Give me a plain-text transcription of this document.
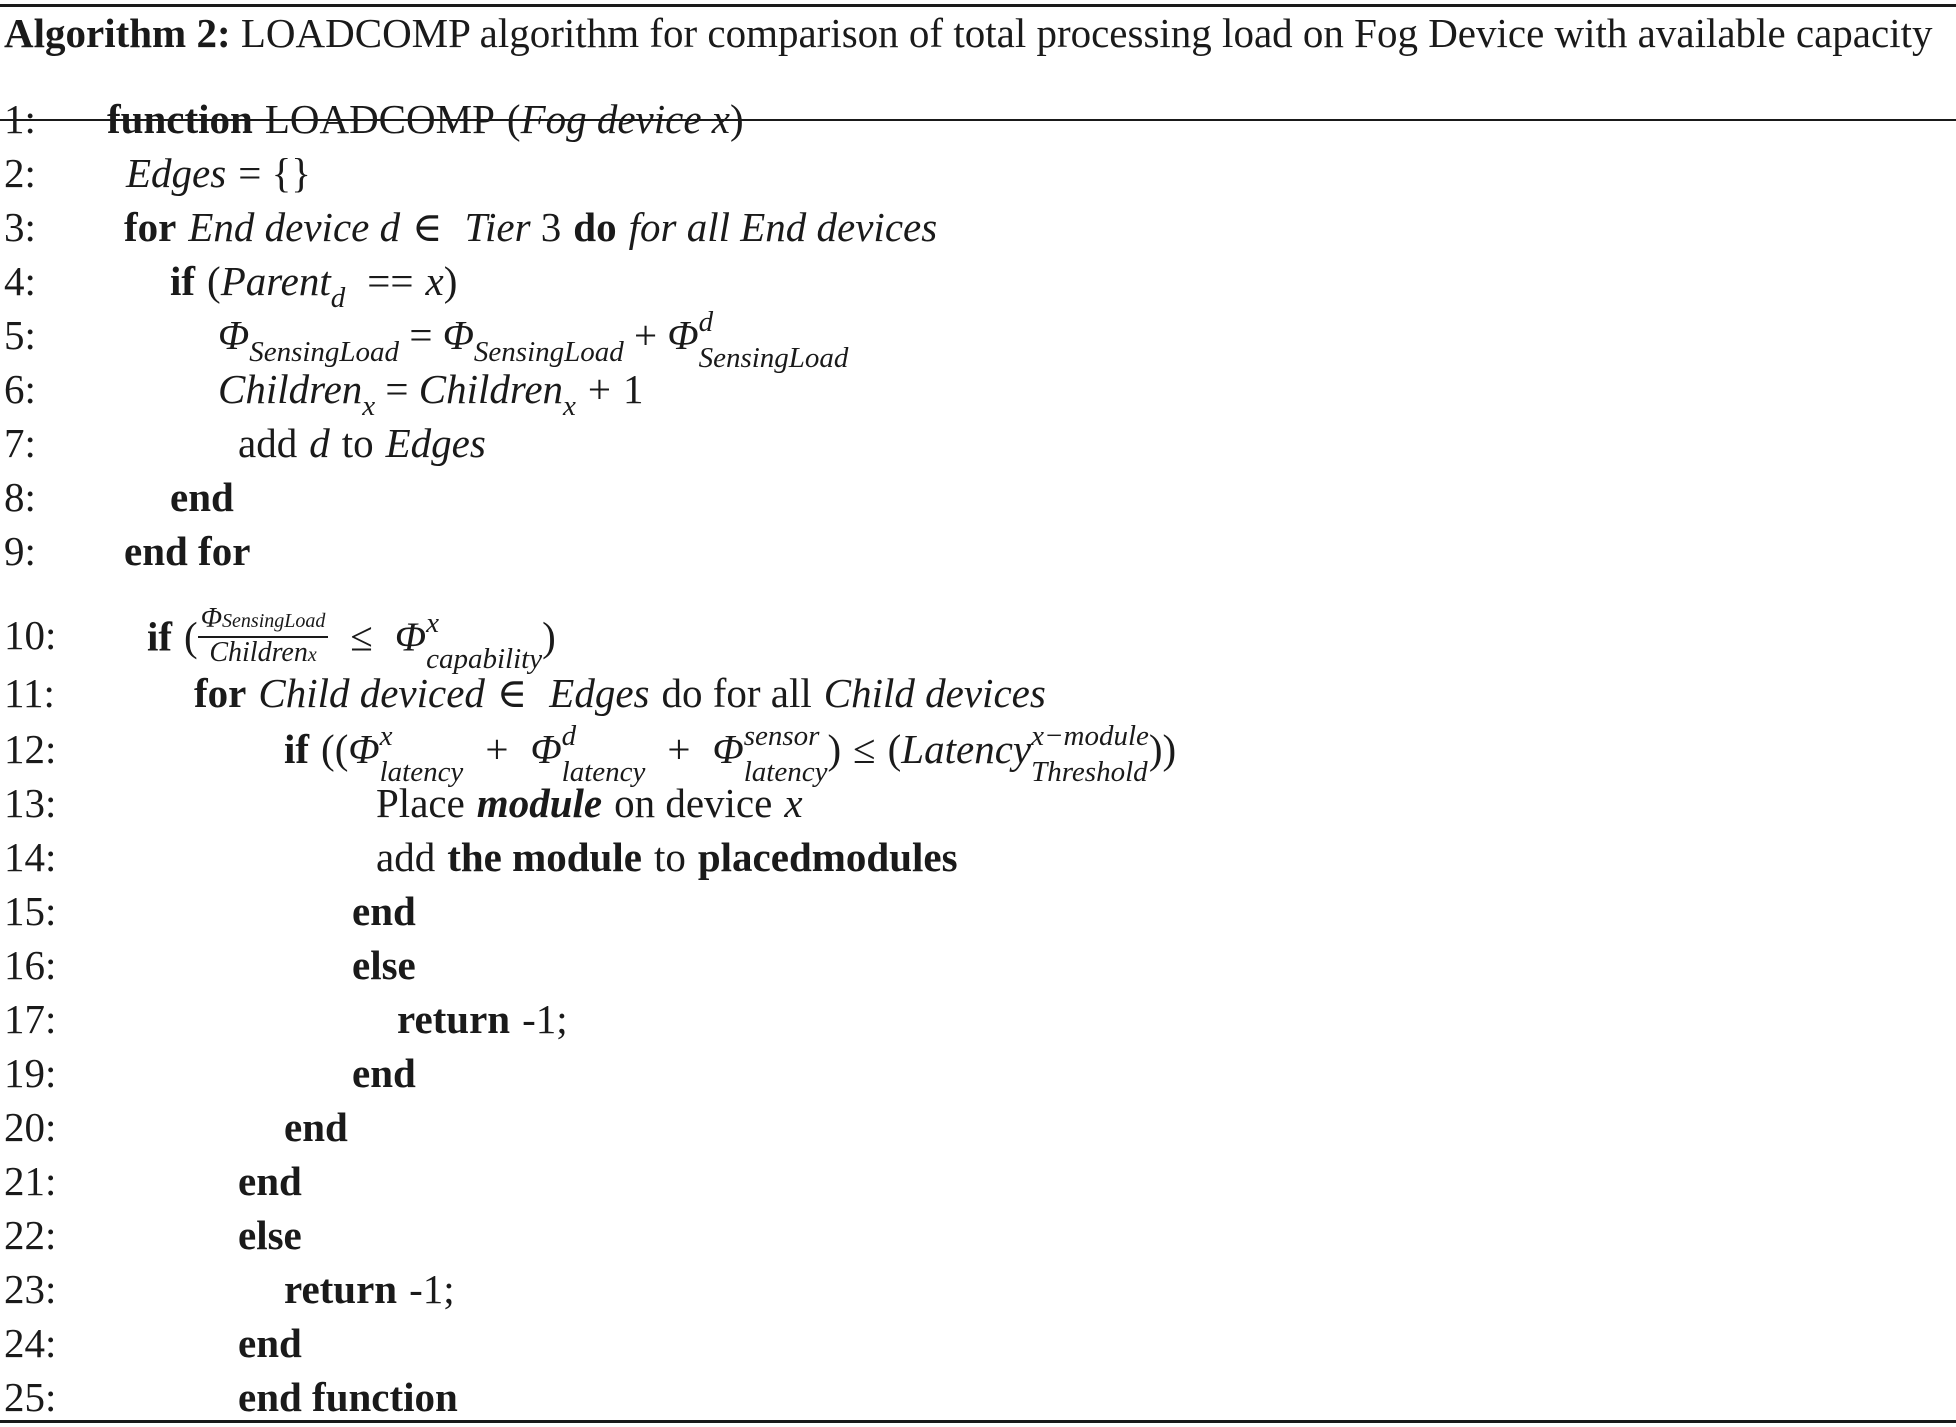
Algorithm 2: LOADCOMP algorithm for comparison of total processing load on Fog Device with available capacity
1: function LOADCOMP (Fog device x)
2: Edges = {}
3: for End device d ∈ Tier 3 do for all End devices
4:	if (Parent$_d$ == x)
5:	$\Phi_{SensingLoad} = \Phi_{SensingLoad} + \Phi$ d
SensingLoad
6:	Children$_x$ = Children$_x$ + 1
7:	add d to Edges
8:	end
9: end for
10: if ( $\frac{\text{ΦSensingLoad}}{\text{Childrenx}} \le \Phi$ x
capability )
11:	for Child deviced ∈ Edges do for all Child devices
12:	if ((Φ x
latency + Φ d
latency + Φ sensor
latency ) ≤ (Latency x−module
Threshold ))
13:	Place module on device x
14:	add the module to placedmodules
15:	end
16:	else
17:	return -1;
19:	end
20:	end
21:	end
22:	else
23:	return -1;
24:	end
25:	end function
